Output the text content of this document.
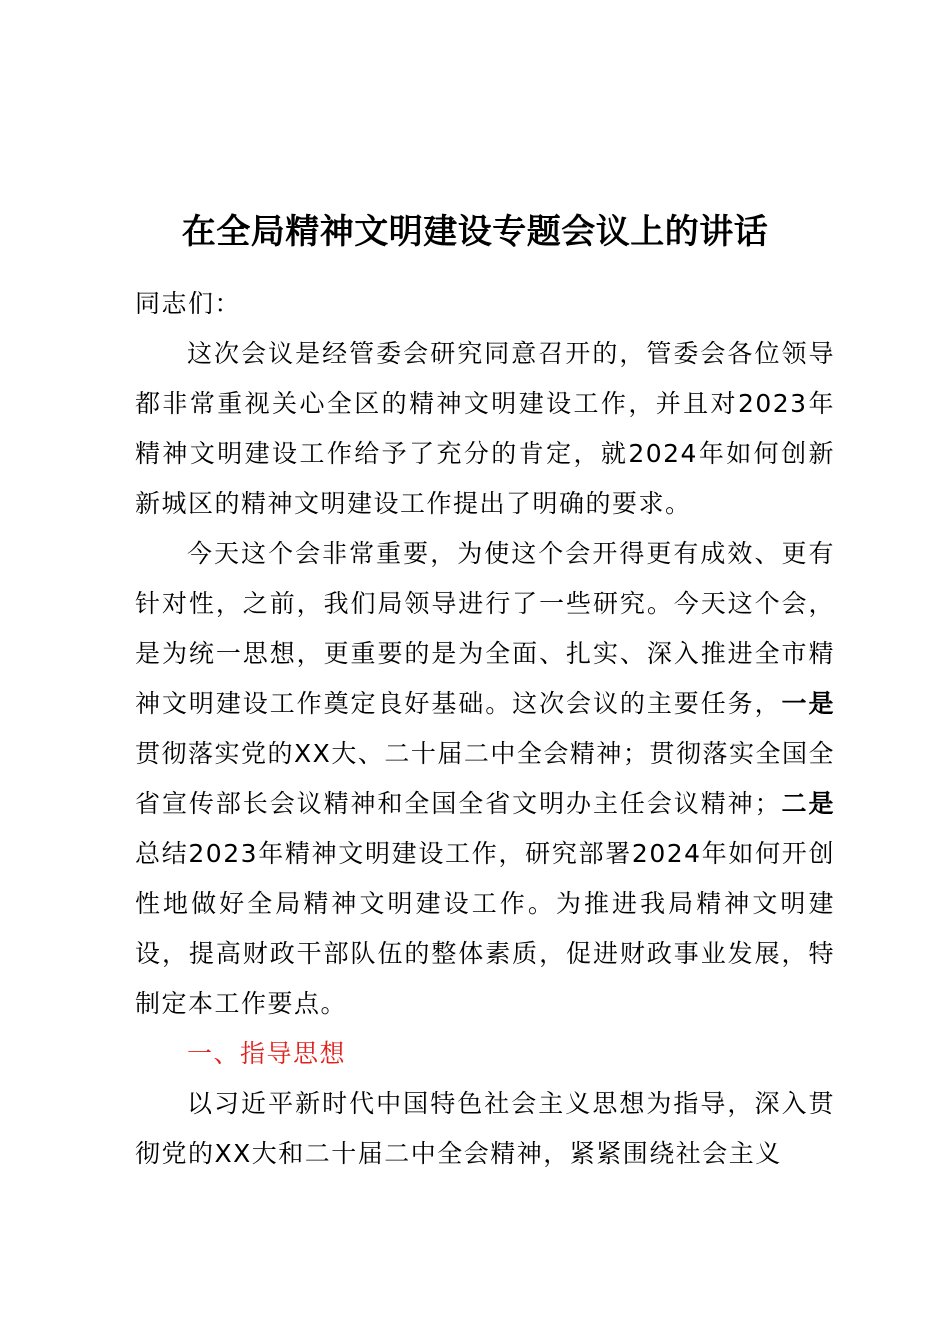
在全局精神文明建设专题会议上的讲话
同志们：
这次会议是经管委会研究同意召开的，管委会各位领导都非常重视关心全区的精神文明建设工作，并且对2023年精神文明建设工作给予了充分的肯定，就2024年如何创新新城区的精神文明建设工作提出了明确的要求。
今天这个会非常重要，为使这个会开得更有成效、更有针对性，之前，我们局领导进行了一些研究。今天这个会，是为统一思想，更重要的是为全面、扎实、深入推进全市精神文明建设工作奠定良好基础。这次会议的主要任务，一是贯彻落实党的XX大、二十届二中全会精神；贯彻落实全国全省宣传部长会议精神和全国全省文明办主任会议精神；二是总结2023年精神文明建设工作，研究部署2024年如何开创性地做好全局精神文明建设工作。为推进我局精神文明建设，提高财政干部队伍的整体素质，促进财政事业发展，特制定本工作要点。
一、指导思想
以习近平新时代中国特色社会主义思想为指导，深入贯彻党的XX大和二十届二中全会精神，紧紧围绕社会主义
